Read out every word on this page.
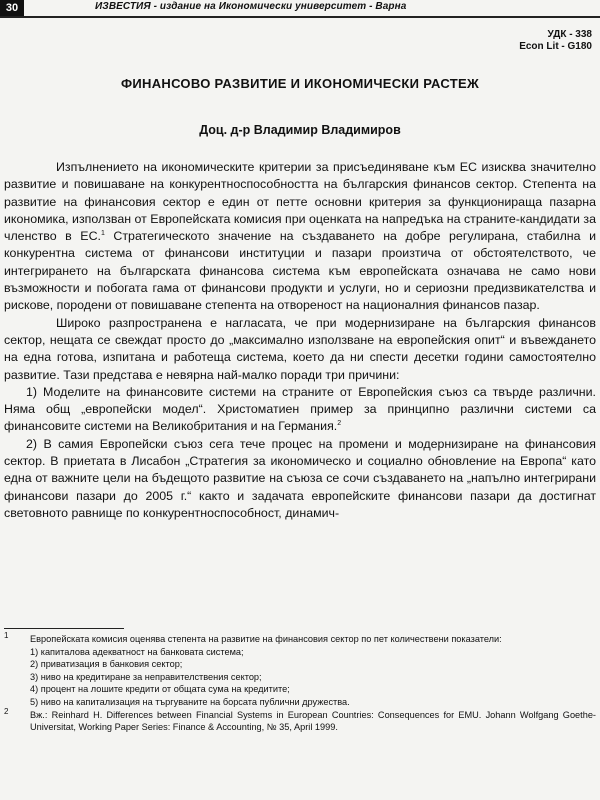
30	ИЗВЕСТИЯ - издание на Икономически университет - Варна
УДК - 338
Econ Lit - G180
ФИНАНСОВО РАЗВИТИЕ И ИКОНОМИЧЕСКИ РАСТЕЖ
Доц. д-р Владимир Владимиров

Изпълнението на икономическите критерии за присъединяване към ЕС изисква значително развитие и повишаване на конкурентноспособността на българския финансов сектор. Степента на развитие на финансовия сектор е един от петте основни критерия за функционираща пазарна икономика, използван от Европейската комисия при оценката на напредъка на страните-кандидати за членство в ЕС.$^1$ Стратегическото значение на създаването на добре регулирана, стабилна и конкурентна система от финансови институции и пазари произтича от обстоятелството, че интегрирането на българската финансова система към европейската означава не само нови възможности и побогата гама от финансови продукти и услуги, но и сериозни предизвикателства и рискове, породени от повишаване степента на отвореност на националния финансов пазар.

Широко разпространена е нагласата, че при модернизиране на българския финансов сектор, нещата се свеждат просто до „максимално използване на европейския опит“ и въвеждането на една готова, изпитана и работеща система, което да ни спести десетки години самостоятелно развитие. Тази представа е невярна най-малко поради три причини:

1) Моделите на финансовите системи на страните от Европейския съюз са твърде различни. Няма общ „европейски модел“. Христоматиен пример за принципно различни системи са финансовите системи на Великобритания и на Германия.$^2$

2) В самия Европейски съюз сега тече процес на промени и модернизиране на финансовия сектор. В приетата в Лисабон „Стратегия за икономическо и социално обновление на Европа“ като една от важните цели на бъдещото развитие на съюза се сочи създаването на „напълно интегрирани финансови пазари до 2005 г.“ както и задачата европейските финансови пазари да достигнат световното равнище по конкурентноспособност, динамич-

1 Европейската комисия оценява степента на развитие на финансовия сектор по пет количествени показатели:
1) капиталова адекватност на банковата система;
2) приватизация в банковия сектор;
3) ниво на кредитиране за неправителствения сектор;
4) процент на лошите кредити от общата сума на кредитите;
5) ниво на капитализация на търгуваните на борсата публични дружества.
2 Вж.: Reinhard H. Differences between Financial Systems in European Countries: Consequences for EMU. Johann Wolfgang Goethe-Universitat, Working Paper Series: Finance & Accounting, № 35, April 1999.
